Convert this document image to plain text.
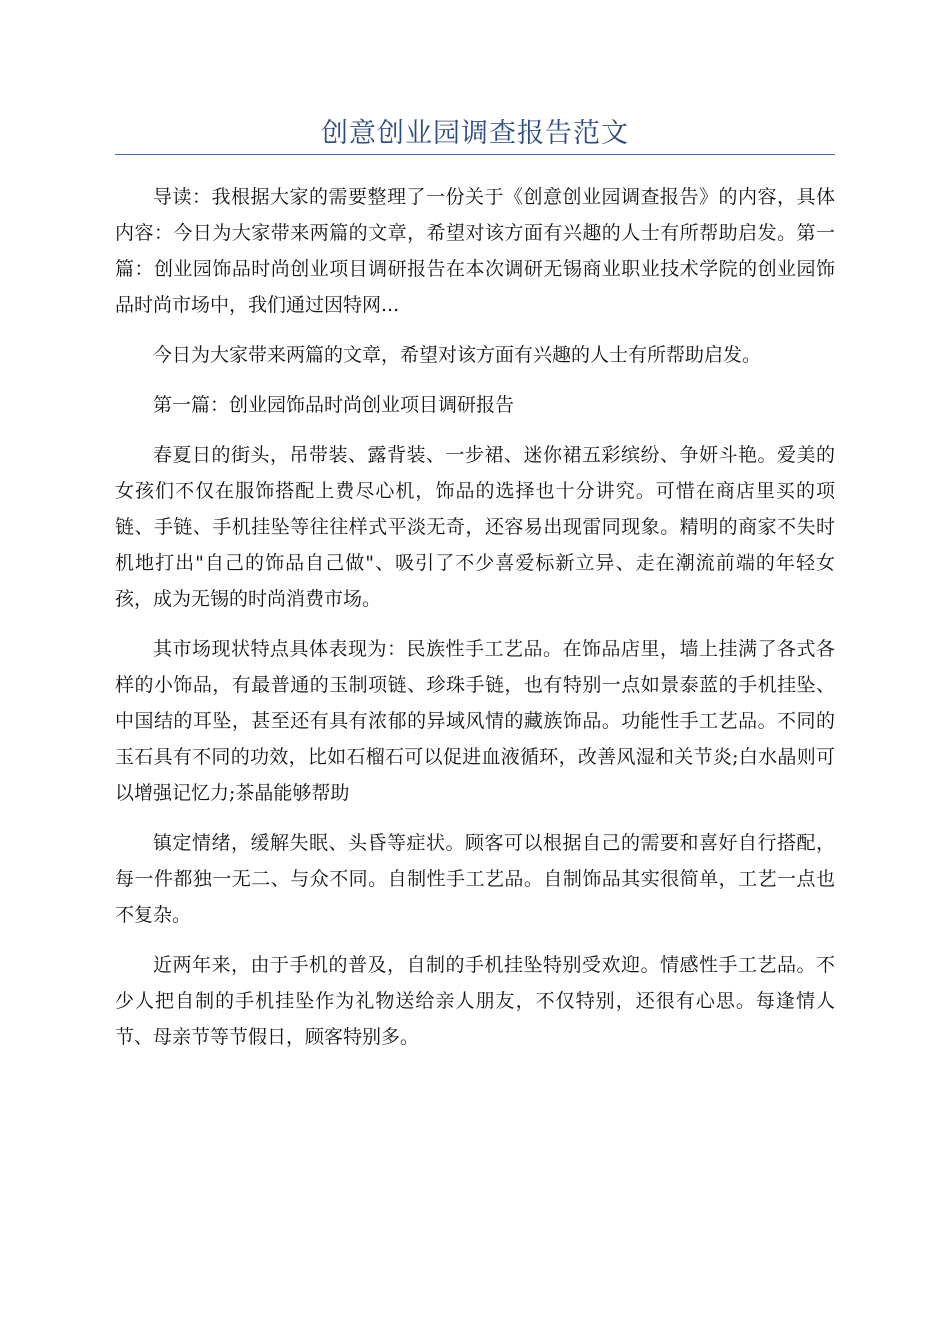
创意创业园调查报告范文

导读：我根据大家的需要整理了一份关于《创意创业园调查报告》的内容，具体内容：今日为大家带来两篇的文章，希望对该方面有兴趣的人士有所帮助启发。第一篇：创业园饰品时尚创业项目调研报告在本次调研无锡商业职业技术学院的创业园饰品时尚市场中，我们通过因特网...

今日为大家带来两篇的文章，希望对该方面有兴趣的人士有所帮助启发。

第一篇：创业园饰品时尚创业项目调研报告

春夏日的街头，吊带装、露背装、一步裙、迷你裙五彩缤纷、争妍斗艳。爱美的女孩们不仅在服饰搭配上费尽心机，饰品的选择也十分讲究。可惜在商店里买的项链、手链、手机挂坠等往往样式平淡无奇，还容易出现雷同现象。精明的商家不失时机地打出"自己的饰品自己做"、吸引了不少喜爱标新立异、走在潮流前端的年轻女孩，成为无锡的时尚消费市场。

其市场现状特点具体表现为：民族性手工艺品。在饰品店里，墙上挂满了各式各样的小饰品，有最普通的玉制项链、珍珠手链，也有特别一点如景泰蓝的手机挂坠、中国结的耳坠，甚至还有具有浓郁的异域风情的藏族饰品。功能性手工艺品。不同的玉石具有不同的功效，比如石榴石可以促进血液循环，改善风湿和关节炎;白水晶则可以增强记忆力;茶晶能够帮助

镇定情绪，缓解失眠、头昏等症状。顾客可以根据自己的需要和喜好自行搭配，每一件都独一无二、与众不同。自制性手工艺品。自制饰品其实很简单，工艺一点也不复杂。

近两年来，由于手机的普及，自制的手机挂坠特别受欢迎。情感性手工艺品。不少人把自制的手机挂坠作为礼物送给亲人朋友，不仅特别，还很有心思。每逢情人节、母亲节等节假日，顾客特别多。
